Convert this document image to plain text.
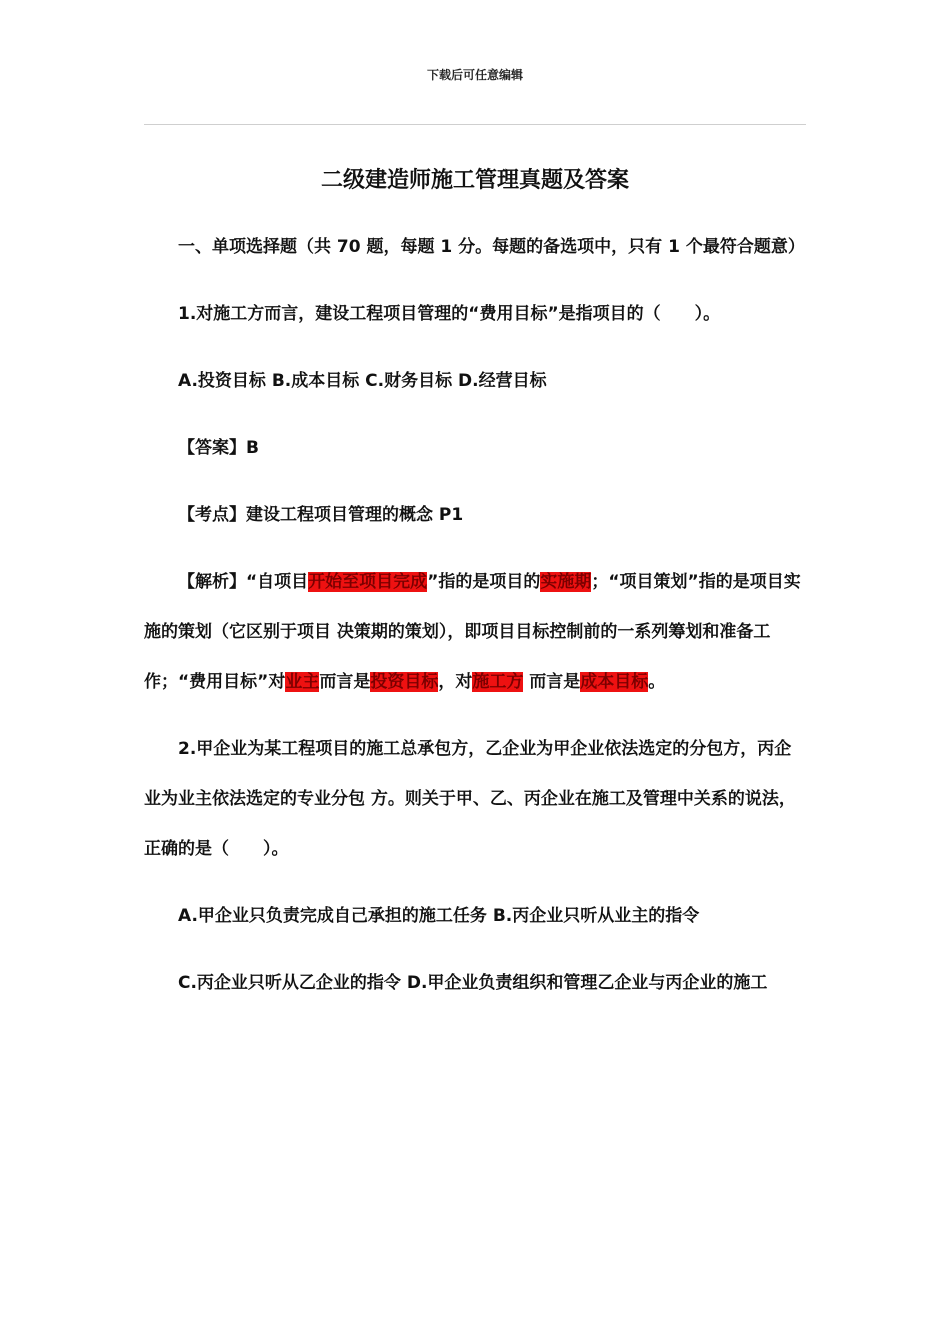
下载后可任意编辑
二级建造师施工管理真题及答案

一、单项选择题（共 70 题，每题 1 分。每题的备选项中，只有 1 个最符合题意）

1.对施工方而言，建设工程项目管理的“费用目标”是指项目的（　　）。

A.投资目标 B.成本目标 C.财务目标 D.经营目标

【答案】B

【考点】建设工程项目管理的概念 P1

【解析】“自项目开始至项目完成”指的是项目的实施期；“项目策划”指的是项目实施的策划（它区别于项目 决策期的策划），即项目目标控制前的一系列筹划和准备工作；“费用目标”对业主而言是投资目标，对施工方 而言是成本目标。

2.甲企业为某工程项目的施工总承包方，乙企业为甲企业依法选定的分包方，丙企业为业主依法选定的专业分包 方。则关于甲、乙、丙企业在施工及管理中关系的说法，正确的是（　　）。

A.甲企业只负责完成自己承担的施工任务 B.丙企业只听从业主的指令

C.丙企业只听从乙企业的指令 D.甲企业负责组织和管理乙企业与丙企业的施工
